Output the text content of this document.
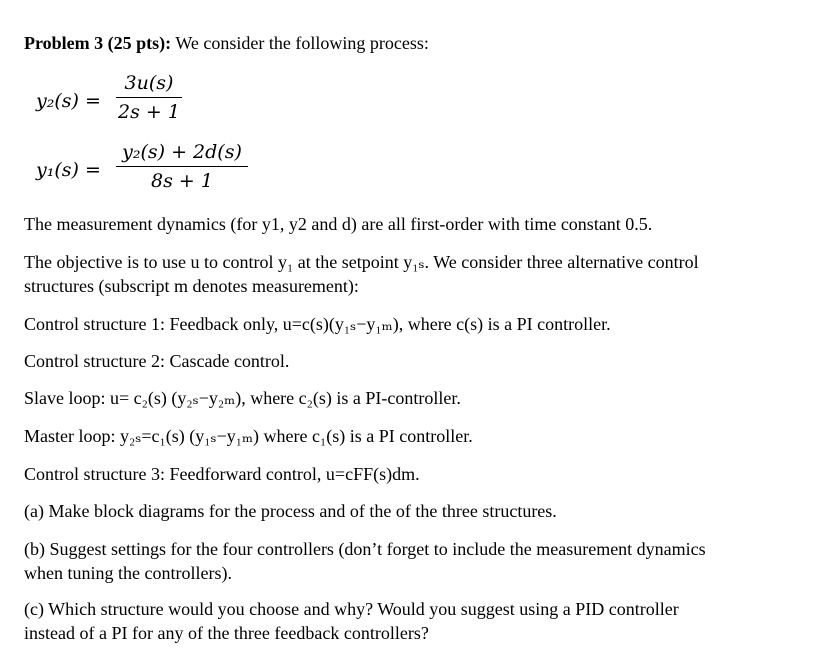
Problem 3 (25 pts): We consider the following process:
y₂(s) =
3u(s)
2s + 1
y₁(s) =
y₂(s) + 2d(s)
8s + 1
The measurement dynamics (for y1, y2 and d) are all first-order with time constant 0.5.
The objective is to use u to control y₁ at the setpoint y₁ₛ. We consider three alternative control
structures (subscript m denotes measurement):
Control structure 1: Feedback only, u=c(s)(y₁ₛ−y₁ₘ), where c(s) is a PI controller.
Control structure 2: Cascade control.
Slave loop: u= c₂(s) (y₂ₛ−y₂ₘ), where c₂(s) is a PI-controller.
Master loop: y₂ₛ=c₁(s) (y₁ₛ−y₁ₘ) where c₁(s) is a PI controller.
Control structure 3: Feedforward control, u=cFF(s)dm.
(a) Make block diagrams for the process and of the of the three structures.
(b) Suggest settings for the four controllers (don’t forget to include the measurement dynamics
when tuning the controllers).
(c) Which structure would you choose and why? Would you suggest using a PID controller
instead of a PI for any of the three feedback controllers?
